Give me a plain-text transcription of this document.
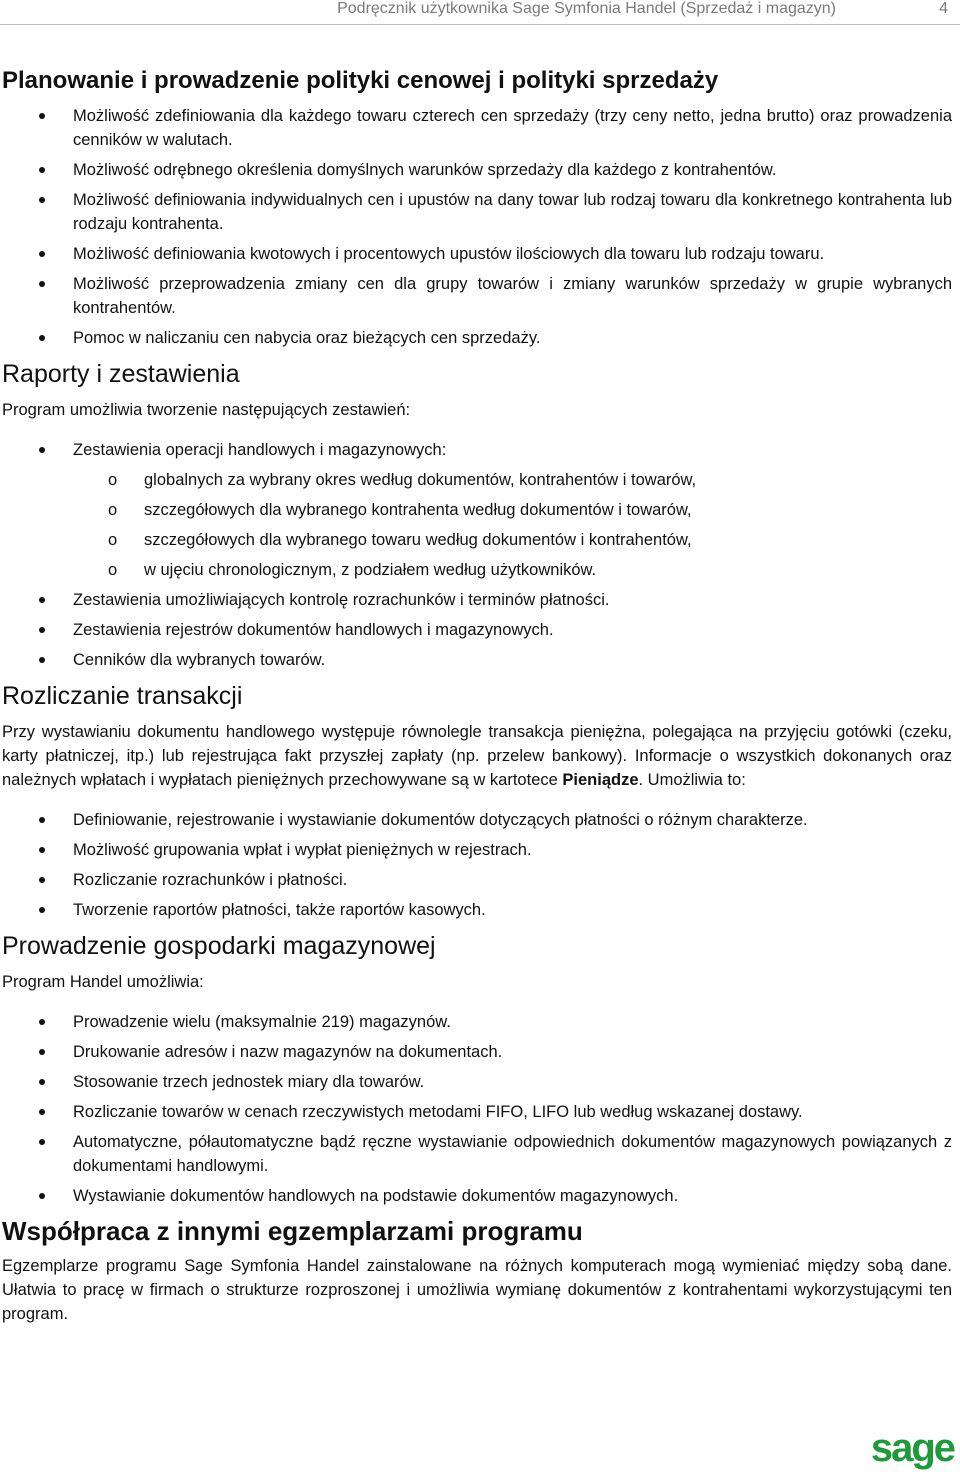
Podręcznik użytkownika Sage Symfonia Handel (Sprzedaż i magazyn)	4
Planowanie i prowadzenie polityki cenowej i polityki sprzedaży
Możliwość zdefiniowania dla każdego towaru czterech cen sprzedaży (trzy ceny netto, jedna brutto) oraz prowadzenia cenników w walutach.
Możliwość odrębnego określenia domyślnych warunków sprzedaży dla każdego z kontrahentów.
Możliwość definiowania indywidualnych cen i upustów na dany towar lub rodzaj towaru dla konkretnego kontrahenta lub rodzaju kontrahenta.
Możliwość definiowania kwotowych i procentowych upustów ilościowych dla towaru lub rodzaju towaru.
Możliwość przeprowadzenia zmiany cen dla grupy towarów i zmiany warunków sprzedaży w grupie wybranych kontrahentów.
Pomoc w naliczaniu cen nabycia oraz bieżących cen sprzedaży.
Raporty i zestawienia

Program umożliwia tworzenie następujących zestawień:

Zestawienia operacji handlowych i magazynowych:
o globalnych za wybrany okres według dokumentów, kontrahentów i towarów,
o szczegółowych dla wybranego kontrahenta według dokumentów i towarów,
o szczegółowych dla wybranego towaru według dokumentów i kontrahentów,
o w ujęciu chronologicznym, z podziałem według użytkowników.
Zestawienia umożliwiających kontrolę rozrachunków i terminów płatności.
Zestawienia rejestrów dokumentów handlowych i magazynowych.
Cenników dla wybranych towarów.
Rozliczanie transakcji

Przy wystawianiu dokumentu handlowego występuje równolegle transakcja pieniężna, polegająca na przyjęciu gotówki (czeku, karty płatniczej, itp.) lub rejestrująca fakt przyszłej zapłaty (np. przelew bankowy). Informacje o wszystkich dokonanych oraz należnych wpłatach i wypłatach pieniężnych przechowywane są w kartotece Pieniądze. Umożliwia to:

Definiowanie, rejestrowanie i wystawianie dokumentów dotyczących płatności o różnym charakterze.
Możliwość grupowania wpłat i wypłat pieniężnych w rejestrach.
Rozliczanie rozrachunków i płatności.
Tworzenie raportów płatności, także raportów kasowych.
Prowadzenie gospodarki magazynowej

Program Handel umożliwia:

Prowadzenie wielu (maksymalnie 219) magazynów.
Drukowanie adresów i nazw magazynów na dokumentach.
Stosowanie trzech jednostek miary dla towarów.
Rozliczanie towarów w cenach rzeczywistych metodami FIFO, LIFO lub według wskazanej dostawy.
Automatyczne, półautomatyczne bądź ręczne wystawianie odpowiednich dokumentów magazynowych powiązanych z dokumentami handlowymi.
Wystawianie dokumentów handlowych na podstawie dokumentów magazynowych.
Współpraca z innymi egzemplarzami programu

Egzemplarze programu Sage Symfonia Handel zainstalowane na różnych komputerach mogą wymieniać między sobą dane. Ułatwia to pracę w firmach o strukturze rozproszonej i umożliwia wymianę dokumentów z kontrahentami wykorzystującymi ten program.

sage
